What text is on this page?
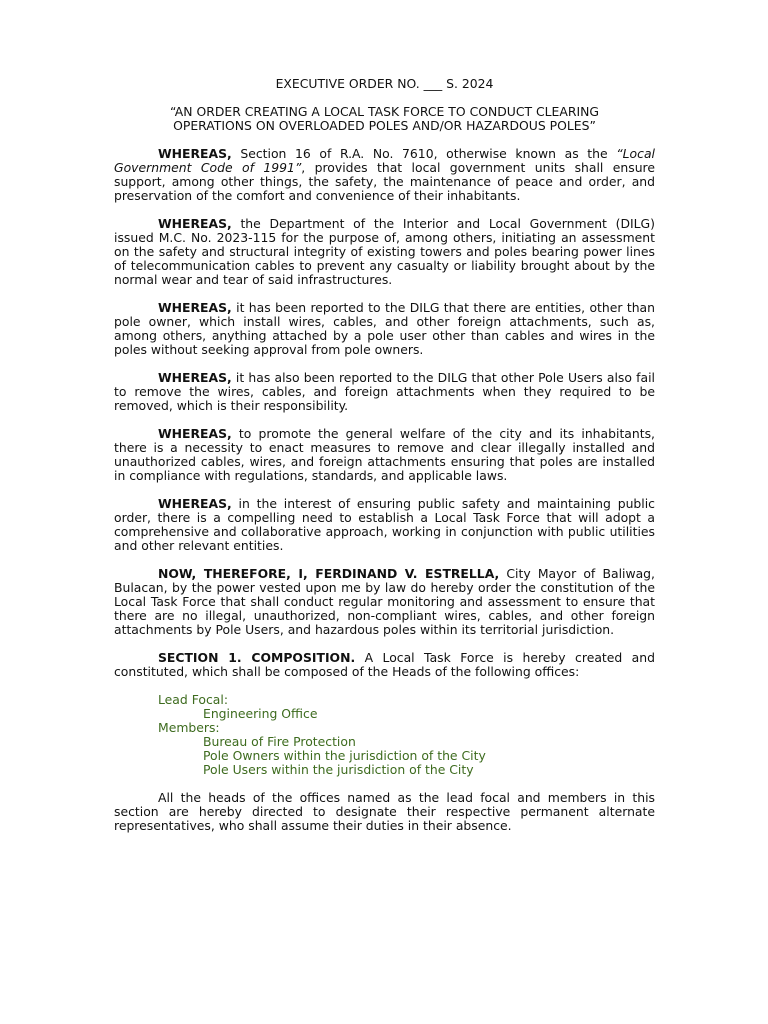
EXECUTIVE ORDER NO. ___ S. 2024
“AN ORDER CREATING A LOCAL TASK FORCE TO CONDUCT CLEARING
OPERATIONS ON OVERLOADED POLES AND/OR HAZARDOUS POLES”

WHEREAS, Section 16 of R.A. No. 7610, otherwise known as the “Local Government Code of 1991”, provides that local government units shall ensure support, among other things, the safety, the maintenance of peace and order, and preservation of the comfort and convenience of their inhabitants.

WHEREAS, the Department of the Interior and Local Government (DILG) issued M.C. No. 2023-115 for the purpose of, among others, initiating an assessment on the safety and structural integrity of existing towers and poles bearing power lines of telecommunication cables to prevent any casualty or liability brought about by the normal wear and tear of said infrastructures.

WHEREAS, it has been reported to the DILG that there are entities, other than pole owner, which install wires, cables, and other foreign attachments, such as, among others, anything attached by a pole user other than cables and wires in the poles without seeking approval from pole owners.

WHEREAS, it has also been reported to the DILG that other Pole Users also fail to remove the wires, cables, and foreign attachments when they required to be removed, which is their responsibility.

WHEREAS, to promote the general welfare of the city and its inhabitants, there is a necessity to enact measures to remove and clear illegally installed and unauthorized cables, wires, and foreign attachments ensuring that poles are installed in compliance with regulations, standards, and applicable laws.

WHEREAS, in the interest of ensuring public safety and maintaining public order, there is a compelling need to establish a Local Task Force that will adopt a comprehensive and collaborative approach, working in conjunction with public utilities and other relevant entities.

NOW, THEREFORE, I, FERDINAND V. ESTRELLA, City Mayor of Baliwag, Bulacan, by the power vested upon me by law do hereby order the constitution of the Local Task Force that shall conduct regular monitoring and assessment to ensure that there are no illegal, unauthorized, non-compliant wires, cables, and other foreign attachments by Pole Users, and hazardous poles within its territorial jurisdiction.

SECTION 1. COMPOSITION. A Local Task Force is hereby created and constituted, which shall be composed of the Heads of the following offices:

Lead Focal:
Engineering Office
Members:
Bureau of Fire Protection
Pole Owners within the jurisdiction of the City
Pole Users within the jurisdiction of the City

All the heads of the offices named as the lead focal and members in this section are hereby directed to designate their respective permanent alternate representatives, who shall assume their duties in their absence.
